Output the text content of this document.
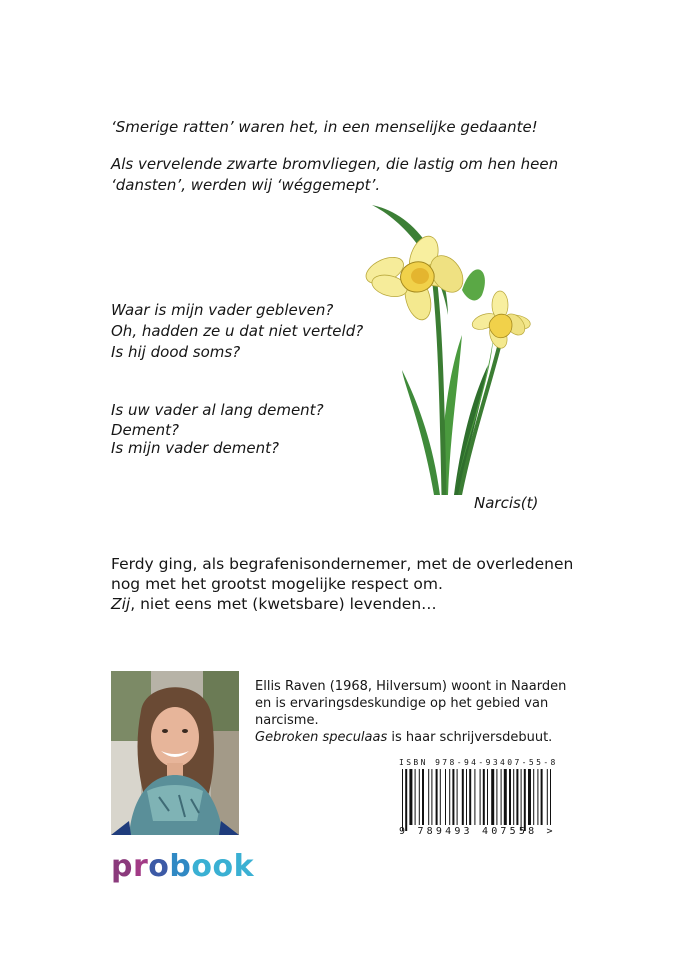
‘Smerige ratten’ waren het, in een menselijke gedaante!
Als vervelende zwarte bromvliegen, die lastig om hen heen
‘dansten’, werden wij ‘wéggemept’.
Waar is mijn vader gebleven?
Oh, hadden ze u dat niet verteld?
Is hij dood soms?
Is uw vader al lang dement?
Dement?
Is mijn vader dement?
Narcis(t)
Ferdy ging, als begrafenisondernemer, met de overledenen
nog met het grootst mogelijke respect om.
Zij, niet eens met (kwetsbare) levenden…
Ellis Raven (1968, Hilversum) woont in Naarden
en is ervaringsdeskundige op het gebied van
narcisme.
Gebroken speculaas is haar schrijversdebuut.
ISBN 978-94-93407-55-8
9 789493 407558 >
probook
